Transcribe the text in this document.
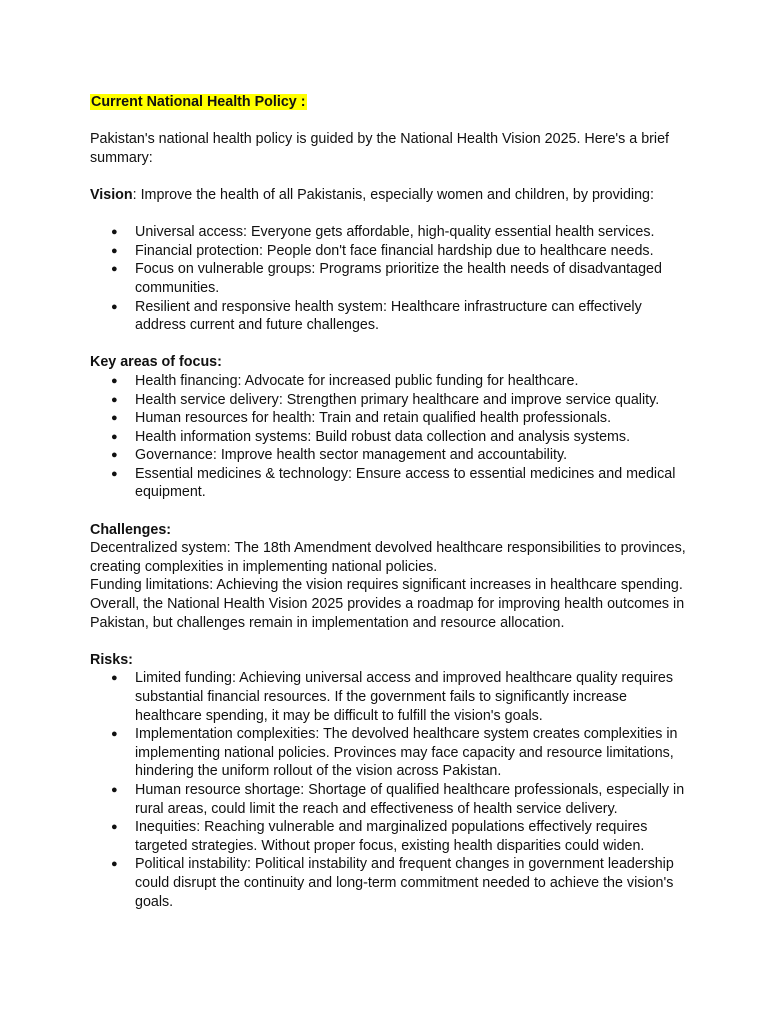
Current National Health Policy :

Pakistan's national health policy is guided by the National Health Vision 2025. Here's a brief summary:

Vision: Improve the health of all Pakistanis, especially women and children, by providing:

● Universal access: Everyone gets affordable, high-quality essential health services.
● Financial protection: People don't face financial hardship due to healthcare needs.
● Focus on vulnerable groups: Programs prioritize the health needs of disadvantaged communities.
● Resilient and responsive health system: Healthcare infrastructure can effectively address current and future challenges.

Key areas of focus:

● Health financing: Advocate for increased public funding for healthcare.
● Health service delivery: Strengthen primary healthcare and improve service quality.
● Human resources for health: Train and retain qualified health professionals.
● Health information systems: Build robust data collection and analysis systems.
● Governance: Improve health sector management and accountability.
● Essential medicines & technology: Ensure access to essential medicines and medical equipment.

Challenges:

Decentralized system: The 18th Amendment devolved healthcare responsibilities to provinces, creating complexities in implementing national policies.

Funding limitations: Achieving the vision requires significant increases in healthcare spending.

Overall, the National Health Vision 2025 provides a roadmap for improving health outcomes in Pakistan, but challenges remain in implementation and resource allocation.

Risks:

● Limited funding: Achieving universal access and improved healthcare quality requires substantial financial resources. If the government fails to significantly increase healthcare spending, it may be difficult to fulfill the vision's goals.
● Implementation complexities: The devolved healthcare system creates complexities in implementing national policies. Provinces may face capacity and resource limitations, hindering the uniform rollout of the vision across Pakistan.
● Human resource shortage: Shortage of qualified healthcare professionals, especially in rural areas, could limit the reach and effectiveness of health service delivery.
● Inequities: Reaching vulnerable and marginalized populations effectively requires targeted strategies. Without proper focus, existing health disparities could widen.
● Political instability: Political instability and frequent changes in government leadership could disrupt the continuity and long-term commitment needed to achieve the vision's goals.
